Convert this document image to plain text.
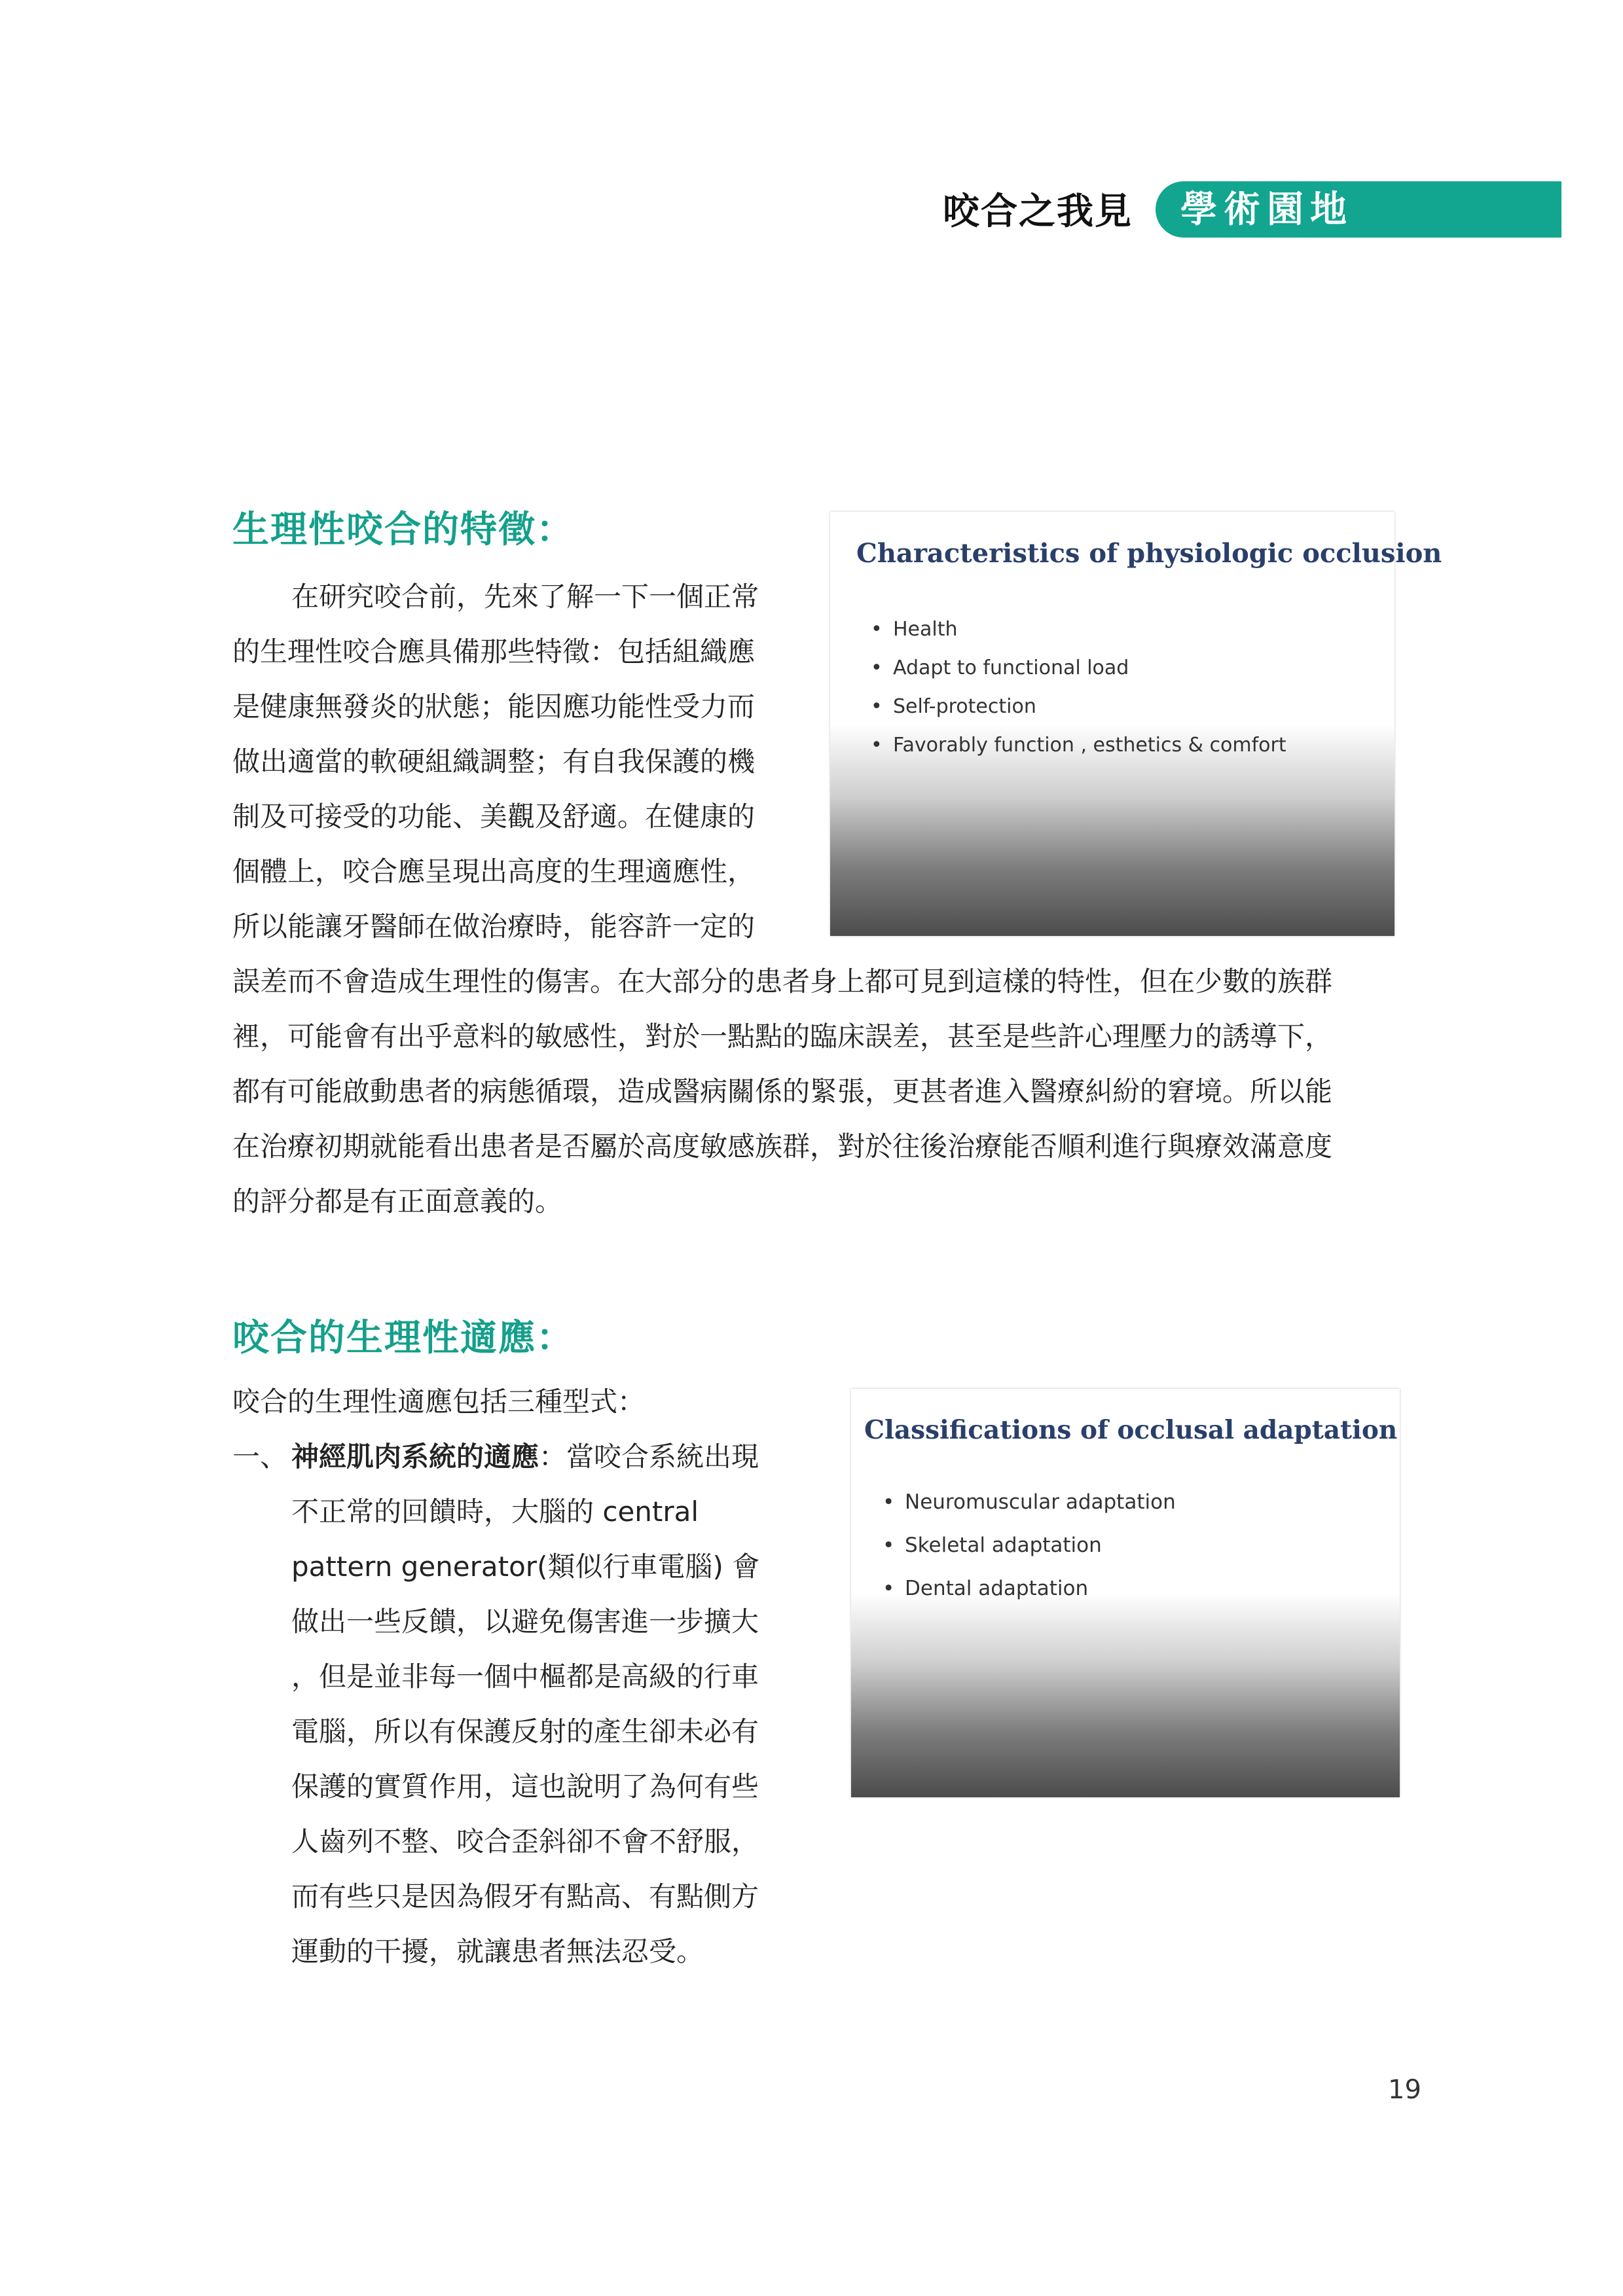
咬合之我見 學術園地
生理性咬合的特徵：
在研究咬合前，先來了解一下一個正常
的生理性咬合應具備那些特徵：包括組織應
是健康無發炎的狀態；能因應功能性受力而
做出適當的軟硬組織調整；有自我保護的機
制及可接受的功能、美觀及舒適。在健康的
個體上，咬合應呈現出高度的生理適應性，
所以能讓牙醫師在做治療時，能容許一定的
誤差而不會造成生理性的傷害。在大部分的患者身上都可見到這樣的特性，但在少數的族群
裡，可能會有出乎意料的敏感性，對於一點點的臨床誤差，甚至是些許心理壓力的誘導下，
都有可能啟動患者的病態循環，造成醫病關係的緊張，更甚者進入醫療糾紛的窘境。所以能
在治療初期就能看出患者是否屬於高度敏感族群，對於往後治療能否順利進行與療效滿意度
的評分都是有正面意義的。
Characteristics of physiologic occlusion
• Health
• Adapt to functional load
• Self-protection
• Favorably function , esthetics & comfort
咬合的生理性適應：
咬合的生理性適應包括三種型式：
一、 神經肌肉系統的適應：當咬合系統出現
不正常的回饋時，大腦的 central
pattern generator(類似行車電腦) 會
做出一些反饋，以避免傷害進一步擴大
，但是並非每一個中樞都是高級的行車
電腦，所以有保護反射的產生卻未必有
保護的實質作用，這也說明了為何有些
人齒列不整、咬合歪斜卻不會不舒服，
而有些只是因為假牙有點高、有點側方
運動的干擾，就讓患者無法忍受。
Classifications of occlusal adaptation
• Neuromuscular adaptation
• Skeletal adaptation
• Dental adaptation
19
